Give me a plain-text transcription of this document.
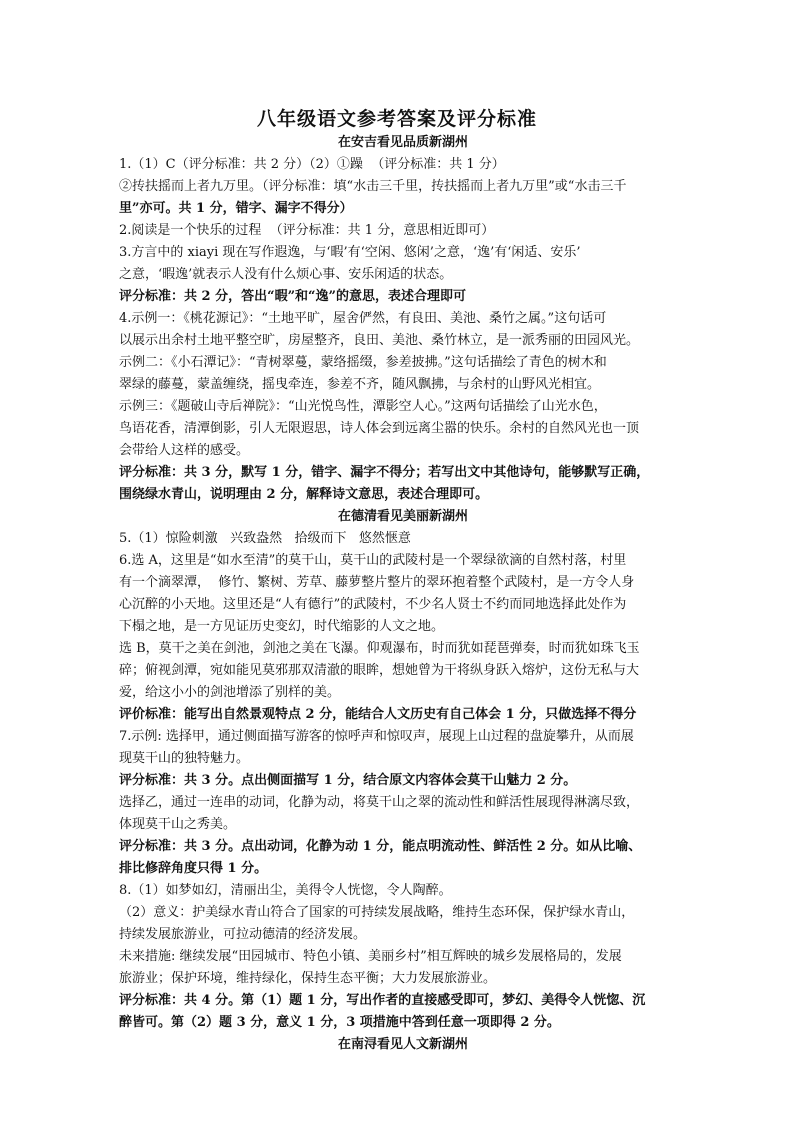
八年级语文参考答案及评分标准
在安吉看见品质新湖州
1.（1）C（评分标准：共 2 分）（2）①躁  （评分标准：共 1 分）
②抟扶摇而上者九万里。（评分标准：填“水击三千里，抟扶摇而上者九万里”或“水击三千
里”亦可。共 1 分，错字、漏字不得分）
2.阅读是一个快乐的过程  （评分标准：共 1 分，意思相近即可）
3.方言中的 xiayi 现在写作遐逸，与‘暇’有‘空闲、悠闲’之意，‘逸’有‘闲适、安乐’
之意，‘暇逸’就表示人没有什么烦心事、安乐闲适的状态。
评分标准：共 2 分，答出“暇”和“逸”的意思，表述合理即可
4.示例一：《桃花源记》：“土地平旷，屋舍俨然，有良田、美池、桑竹之属。”这句话可
以展示出余村土地平整空旷，房屋整齐，良田、美池、桑竹林立，是一派秀丽的田园风光。
示例二：《小石潭记》：“青树翠蔓，蒙络摇缀，参差披拂。”这句话描绘了青色的树木和
翠绿的藤蔓，蒙盖缠绕，摇曳牵连，参差不齐，随风飘拂，与余村的山野风光相宜。
示例三：《题破山寺后禅院》：“山光悦鸟性，潭影空人心。”这两句话描绘了山光水色，
鸟语花香，清潭倒影，引人无限遐思，诗人体会到远离尘嚣的快乐。余村的自然风光也一顶
会带给人这样的感受。
评分标准：共 3 分，默写 1 分，错字、漏字不得分；若写出文中其他诗句，能够默写正确，
围绕绿水青山，说明理由 2 分，解释诗文意思，表述合理即可。
在德清看见美丽新湖州
5.（1）惊险刺激   兴致盎然   拾级而下   悠然惬意
6.选 A，这里是“如水至清”的莫干山，莫干山的武陵村是一个翠绿欲滴的自然村落，村里
有一个滴翠潭，  修竹、繁树、芳草、藤萝整片整片的翠环抱着整个武陵村，是一方令人身
心沉醉的小天地。这里还是“人有德行”的武陵村，不少名人贤士不约而同地选择此处作为
下榻之地，是一方见证历史变幻，时代缩影的人文之地。
选 B，莫干之美在剑池，剑池之美在飞瀑。仰观瀑布，时而犹如琵琶弹奏，时而犹如珠飞玉
碎；俯视剑潭，宛如能见莫邪那双清澈的眼眸，想她曾为干将纵身跃入熔炉，这份无私与大
爱，给这小小的剑池增添了别样的美。
评价标准：能写出自然景观特点 2 分，能结合人文历史有自己体会 1 分，只做选择不得分
7.示例: 选择甲，通过侧面描写游客的惊呼声和惊叹声，展现上山过程的盘旋攀升，从而展
现莫干山的独特魅力。
评分标准：共 3 分。点出侧面描写 1 分，结合原文内容体会莫干山魅力 2 分。
选择乙，通过一连串的动词，化静为动，将莫干山之翠的流动性和鲜活性展现得淋漓尽致，
体现莫干山之秀美。
评分标准：共 3 分。点出动词，化静为动 1 分，能点明流动性、鲜活性 2 分。如从比喻、
排比修辞角度只得 1 分。
8.（1）如梦如幻，清丽出尘，美得令人恍惚，令人陶醉。
（2）意义：护美绿水青山符合了国家的可持续发展战略，维持生态环保，保护绿水青山，
持续发展旅游业，可拉动德清的经济发展。
未来措施: 继续发展“田园城市、特色小镇、美丽乡村”相互辉映的城乡发展格局的，发展
旅游业；保护环境，维持绿化，保持生态平衡；大力发展旅游业。
评分标准：共 4 分。第（1）题 1 分，写出作者的直接感受即可，梦幻、美得令人恍惚、沉
醉皆可。第（2）题 3 分，意义 1 分，3 项措施中答到任意一项即得 2 分。
在南浔看见人文新湖州
